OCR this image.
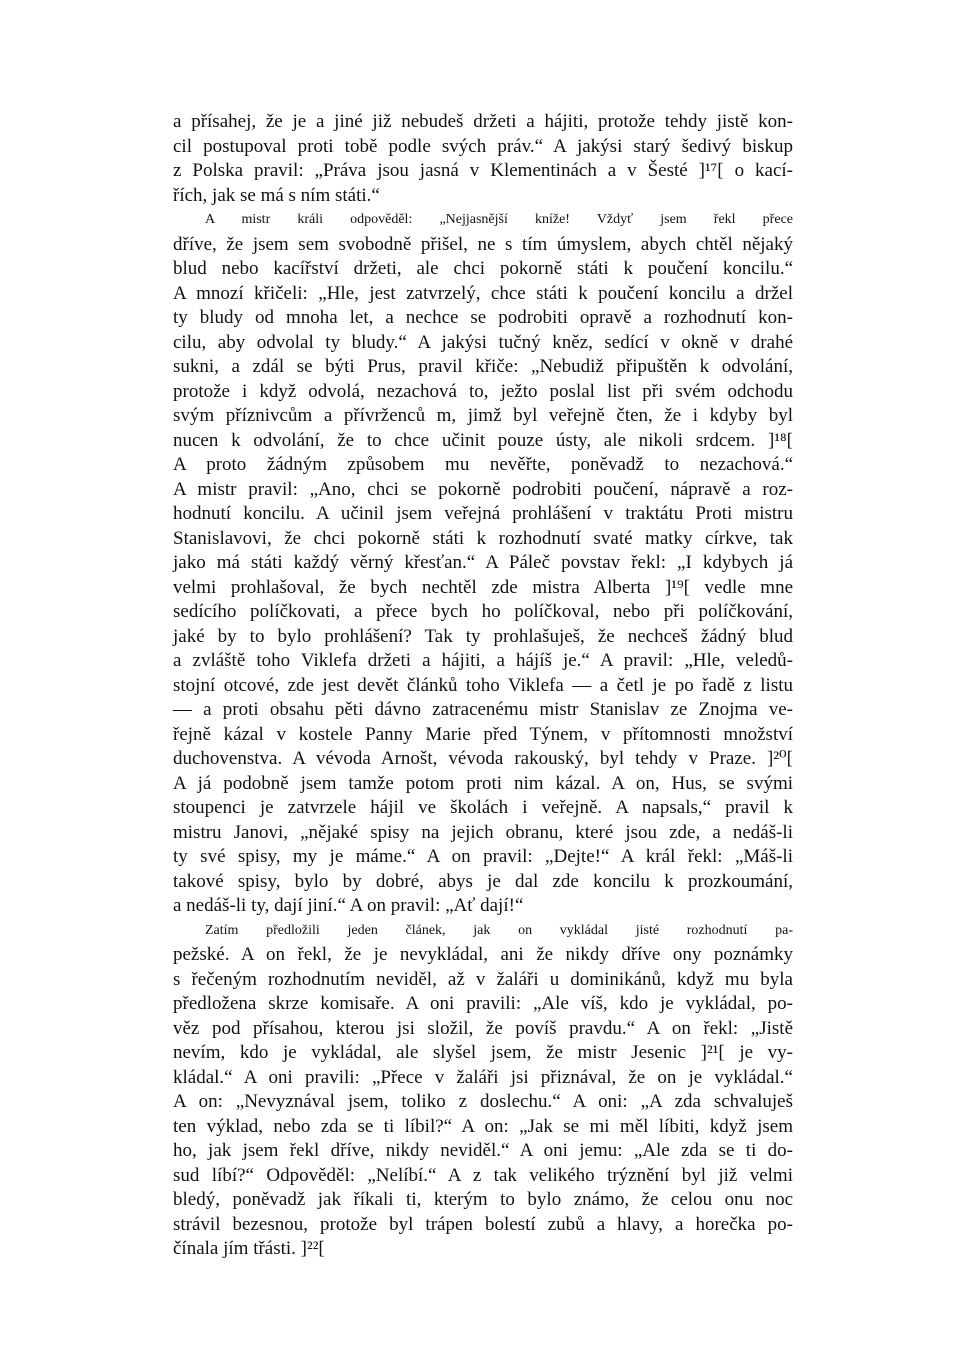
a přísahej, že je a jiné již nebudeš držeti a hájiti, protože tehdy jistě kon-
cil postupoval proti tobě podle svých práv.“ A jakýsi starý šedivý biskup
z Polska pravil: „Práva jsou jasná v Klementinách a v Šesté ]¹⁷[ o kací-
řích, jak se má s ním státi.“
A mistr králi odpověděl: „Nejjasnější kníže! Vždyť jsem řekl přece
dříve, že jsem sem svobodně přišel, ne s tím úmyslem, abych chtěl nějaký
blud nebo kacířství držeti, ale chci pokorně státi k poučení koncilu.“
A mnozí křičeli: „Hle, jest zatvrzelý, chce státi k poučení koncilu a držel
ty bludy od mnoha let, a nechce se podrobiti opravě a rozhodnutí kon-
cilu, aby odvolal ty bludy.“ A jakýsi tučný kněz, sedící v okně v drahé
sukni, a zdál se býti Prus, pravil křiče: „Nebudiž připuštěn k odvolání,
protože i když odvolá, nezachová to, ježto poslal list při svém odchodu
svým příznivcům a přívrženců m, jimž byl veřejně čten, že i kdyby byl
nucen k odvolání, že to chce učinit pouze ústy, ale nikoli srdcem. ]¹⁸[
A proto žádným způsobem mu nevěřte, poněvadž to nezachová.“
A mistr pravil: „Ano, chci se pokorně podrobiti poučení, nápravě a roz-
hodnutí koncilu. A učinil jsem veřejná prohlášení v traktátu Proti mistru
Stanislavovi, že chci pokorně státi k rozhodnutí svaté matky církve, tak
jako má státi každý věrný křesťan.“ A Páleč povstav řekl: „I kdybych já
velmi prohlašoval, že bych nechtěl zde mistra Alberta ]¹⁹[ vedle mne
sedícího políčkovati, a přece bych ho políčkoval, nebo při políčkování,
jaké by to bylo prohlášení? Tak ty prohlašuješ, že nechceš žádný blud
a zvláště toho Viklefa držeti a hájiti, a hájíš je.“ A pravil: „Hle, veledů-
stojní otcové, zde jest devět článků toho Viklefa — a četl je po řadě z listu
— a proti obsahu pěti dávno zatracenému mistr Stanislav ze Znojma ve-
řejně kázal v kostele Panny Marie před Týnem, v přítomnosti množství
duchovenstva. A vévoda Arnošt, vévoda rakouský, byl tehdy v Praze. ]²⁰[
A já podobně jsem tamže potom proti nim kázal. A on, Hus, se svými
stoupenci je zatvrzele hájil ve školách i veřejně. A napsals,“ pravil k
mistru Janovi, „nějaké spisy na jejich obranu, které jsou zde, a nedáš-li
ty své spisy, my je máme.“ A on pravil: „Dejte!“ A král řekl: „Máš-li
takové spisy, bylo by dobré, abys je dal zde koncilu k prozkoumání,
a nedáš-li ty, dají jiní.“ A on pravil: „Ať dají!“
Zatím předložili jeden článek, jak on vykládal jisté rozhodnutí pa-
pežské. A on řekl, že je nevykládal, ani že nikdy dříve ony poznámky
s řečeným rozhodnutím neviděl, až v žaláři u dominikánů, když mu byla
předložena skrze komisaře. A oni pravili: „Ale víš, kdo je vykládal, po-
věz pod přísahou, kterou jsi složil, že povíš pravdu.“ A on řekl: „Jistě
nevím, kdo je vykládal, ale slyšel jsem, že mistr Jesenic ]²¹[ je vy-
kládal.“ A oni pravili: „Přece v žaláři jsi přiznával, že on je vykládal.“
A on: „Nevyznával jsem, toliko z doslechu.“ A oni: „A zda schvaluješ
ten výklad, nebo zda se ti líbil?“ A on: „Jak se mi měl líbiti, když jsem
ho, jak jsem řekl dříve, nikdy neviděl.“ A oni jemu: „Ale zda se ti do-
sud líbí?“ Odpověděl: „Nelíbí.“ A z tak velikého trýznění byl již velmi
bledý, poněvadž jak říkali ti, kterým to bylo známo, že celou onu noc
strávil bezesnou, protože byl trápen bolestí zubů a hlavy, a horečka po-
čínala jím třásti. ]²²[
